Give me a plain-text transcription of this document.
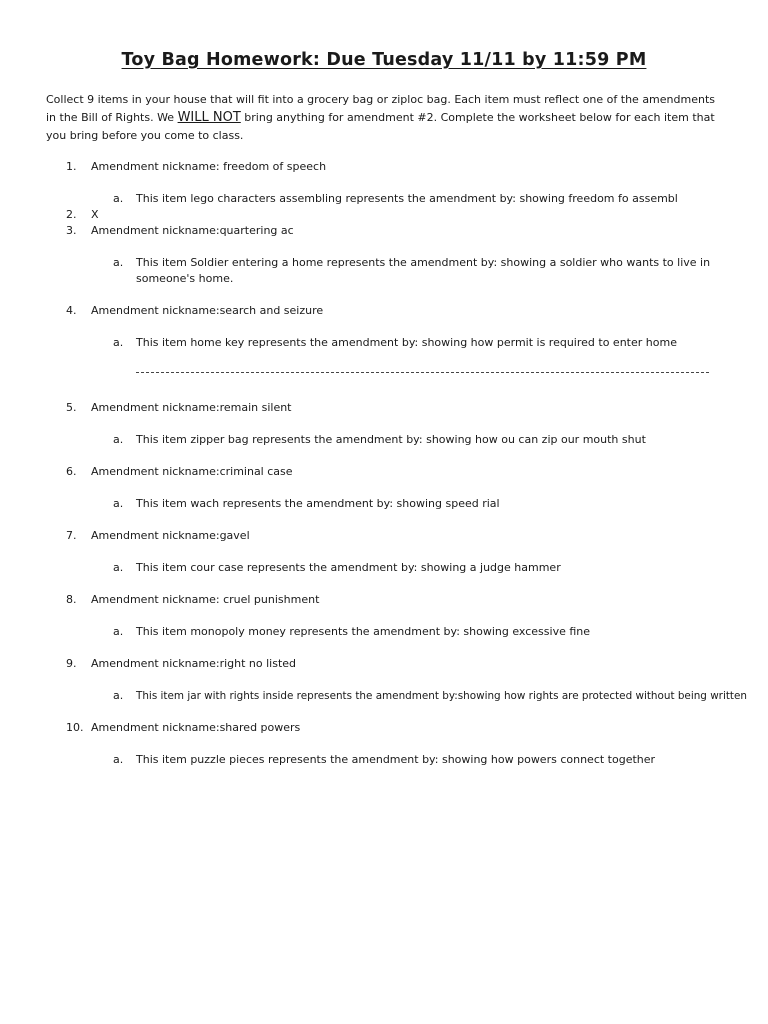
Toy Bag Homework: Due Tuesday 11/11 by 11:59 PM
Collect 9 items in your house that will fit into a grocery bag or ziploc bag. Each item must reflect one of the amendments in the Bill of Rights. We WILL NOT bring anything for amendment #2. Complete the worksheet below for each item that you bring before you come to class.
1. Amendment nickname: freedom of speech
a. This item lego characters assembling represents the amendment by: showing freedom fo assembl
2. X
3. Amendment nickname:quartering ac
a. This item Soldier entering a home represents the amendment by: showing a soldier who wants to live in someone's home.
4. Amendment nickname:search and seizure
a. This item home key represents the amendment by: showing how permit is required to enter home
5. Amendment nickname:remain silent
a. This item zipper bag represents the amendment by: showing how ou can zip our mouth shut
6. Amendment nickname:criminal case
a. This item wach represents the amendment by: showing speed rial
7. Amendment nickname:gavel
a. This item cour case represents the amendment by: showing a judge hammer
8. Amendment nickname: cruel punishment
a. This item monopoly money represents the amendment by: showing excessive fine
9. Amendment nickname:right no listed
a. This item jar with rights inside represents the amendment by:showing how rights are protected without being written
10. Amendment nickname:shared powers
a. This item puzzle pieces represents the amendment by: showing how powers connect together
